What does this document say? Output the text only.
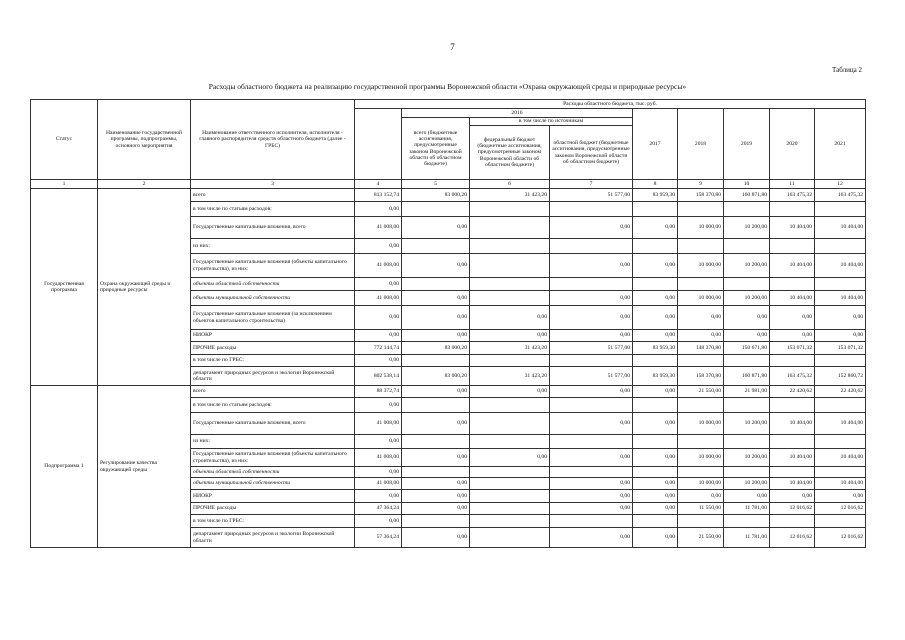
7
Таблица 2
Расходы областного бюджета на реализацию государственной программы Воронежской области «Охрана окружающей среды и природные ресурсы»
Статус	Наименование государственной программы, подпрограммы, основного мероприятия	Наименование ответственного исполнителя, исполнителя - главного распорядителя средств областного бюджета (далее - ГРБС)	Расходы областного бюджета, тыс. руб.								
				2016			2017	2018	2019	2020	2021
				всего (бюджетные ассигнования, предусмотренные законом Воронежской области об областном бюджете)	в том числе по источникам						
					федеральный бюджет (бюджетные ассигнования, предусмотренные законом Воронежской области об областном бюджете)	областной бюджет (бюджетные ассигнования, предусмотренные законом Воронежской области об областном бюджете)					
1	2	3	4	5	6	7	8	9	10	11	12
Государственная программа	Охрана окружающей среды и природные ресурсы	всего	813 152,74	83 000,20	31 423,20	51 577,00	83 959,30	158 370,80	160 871,80	163 475,32	163 475,32
		в том числе по статьям расходов:	0,00								
		Государственные капитальные вложения, всего	41 008,00	0,00		0,00	0,00	10 000,00	10 200,00	10 404,00	10 404,00
		из них:	0,00								
		Государственные капитальные вложения (объекты капитального строительства), из них:	41 008,00	0,00		0,00	0,00	10 000,00	10 200,00	10 404,00	10 404,00
		объекты областной собственности	0,00								
		объекты муниципальной собственности	41 008,00	0,00		0,00	0,00	10 000,00	10 200,00	10 404,00	10 404,00
		Государственные капитальные вложения (за исключением объектов капитального строительства)	0,00	0,00	0,00	0,00	0,00	0,00	0,00	0,00	0,00
		НИОКР	0,00	0,00	0,00	0,00	0,00	0,00	0,00	0,00	0,00
		ПРОЧИЕ расходы	772 144,74	83 000,20	31 423,20	51 577,00	83 959,30	148 370,80	150 671,80	153 071,32	153 071,32
		в том числе по ГРБС:	0,00								
		департамент природных ресурсов и экологии Воронежской области	802 538,14	83 000,20	31 423,20	51 577,00	83 959,30	158 370,80	160 871,80	163 475,32	152 860,72
Подпрограмма 1	Регулирование качества окружающей среды	всего	88 372,74	0,00	0,00	0,00	0,00	21 550,00	21 981,00	22 420,62	22 420,62
		в том числе по статьям расходов:	0,00								
		Государственные капитальные вложения, всего	41 008,00	0,00		0,00	0,00	10 000,00	10 200,00	10 404,00	10 404,00
		из них:	0,00								
		Государственные капитальные вложения (объекты капитального строительства), из них:	41 008,00	0,00	0,00	0,00	0,00	10 000,00	10 200,00	10 404,00	10 404,00
		объекты областной собственности	0,00								
		объекты муниципальной собственности	41 008,00	0,00		0,00	0,00	10 000,00	10 200,00	10 404,00	10 404,00
		НИОКР	0,00	0,00		0,00	0,00	0,00	0,00	0,00	0,00
		ПРОЧИЕ расходы	47 364,24	0,00		0,00	0,00	11 550,00	11 781,00	12 016,62	12 016,62
		в том числе по ГРБС:	0,00								
		департамент природных ресурсов и экологии Воронежской области	57 364,24	0,00		0,00	0,00	21 550,00	11 781,00	12 016,62	12 016,62
